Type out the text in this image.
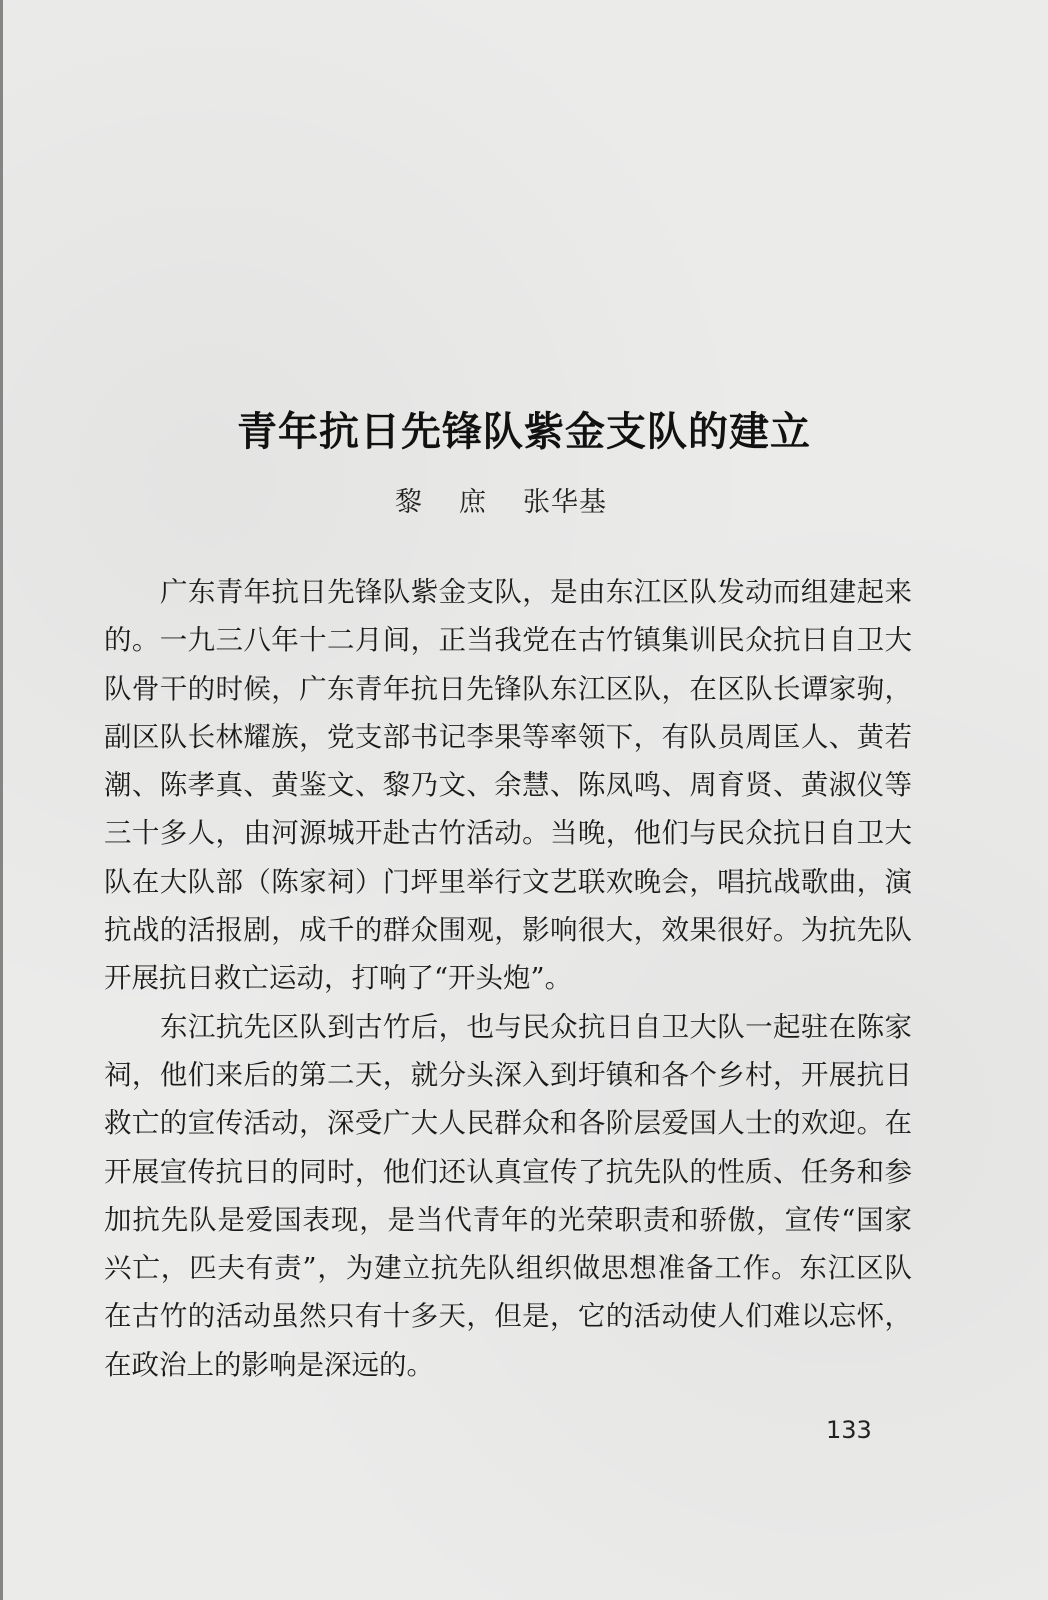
青年抗日先锋队紫金支队的建立
黎 庶 张华基

广东青年抗日先锋队紫金支队，是由东江区队发动而组建起来的。一九三八年十二月间，正当我党在古竹镇集训民众抗日自卫大队骨干的时候，广东青年抗日先锋队东江区队，在区队长谭家驹，副区队长林耀族，党支部书记李果等率领下，有队员周匡人、黄若潮、陈孝真、黄鉴文、黎乃文、余慧、陈凤鸣、周育贤、黄淑仪等三十多人，由河源城开赴古竹活动。当晚，他们与民众抗日自卫大队在大队部（陈家祠）门坪里举行文艺联欢晚会，唱抗战歌曲，演抗战的活报剧，成千的群众围观，影响很大，效果很好。为抗先队开展抗日救亡运动，打响了“开头炮”。

东江抗先区队到古竹后，也与民众抗日自卫大队一起驻在陈家祠，他们来后的第二天，就分头深入到圩镇和各个乡村，开展抗日救亡的宣传活动，深受广大人民群众和各阶层爱国人士的欢迎。在开展宣传抗日的同时，他们还认真宣传了抗先队的性质、任务和参加抗先队是爱国表现，是当代青年的光荣职责和骄傲，宣传“国家兴亡，匹夫有责”，为建立抗先队组织做思想准备工作。东江区队在古竹的活动虽然只有十多天，但是，它的活动使人们难以忘怀，在政治上的影响是深远的。

133
